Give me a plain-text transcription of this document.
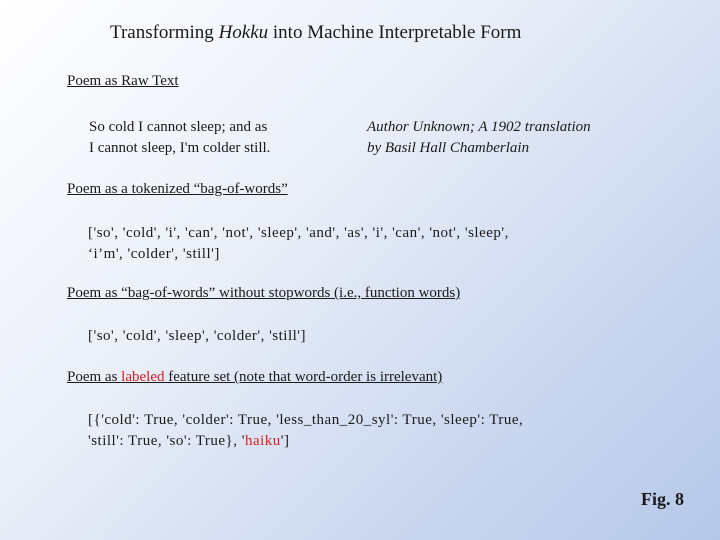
Transforming Hokku into Machine Interpretable Form
Poem as Raw Text
So cold I cannot sleep; and as
I cannot sleep, I'm colder still.
Author Unknown; A 1902 translation
by Basil Hall Chamberlain
Poem as a tokenized “bag-of-words”
['so', 'cold', 'i', 'can', 'not', 'sleep', 'and', 'as', 'i', 'can', 'not', 'sleep',
‘i’m', 'colder', 'still']
Poem as “bag-of-words” without stopwords (i.e., function words)
['so', 'cold', 'sleep', 'colder', 'still']
Poem as labeled feature set (note that word-order is irrelevant)
[{'cold': True, 'colder': True, 'less_than_20_syl': True, 'sleep': True,
'still': True, 'so': True}, 'haiku']
Fig. 8
